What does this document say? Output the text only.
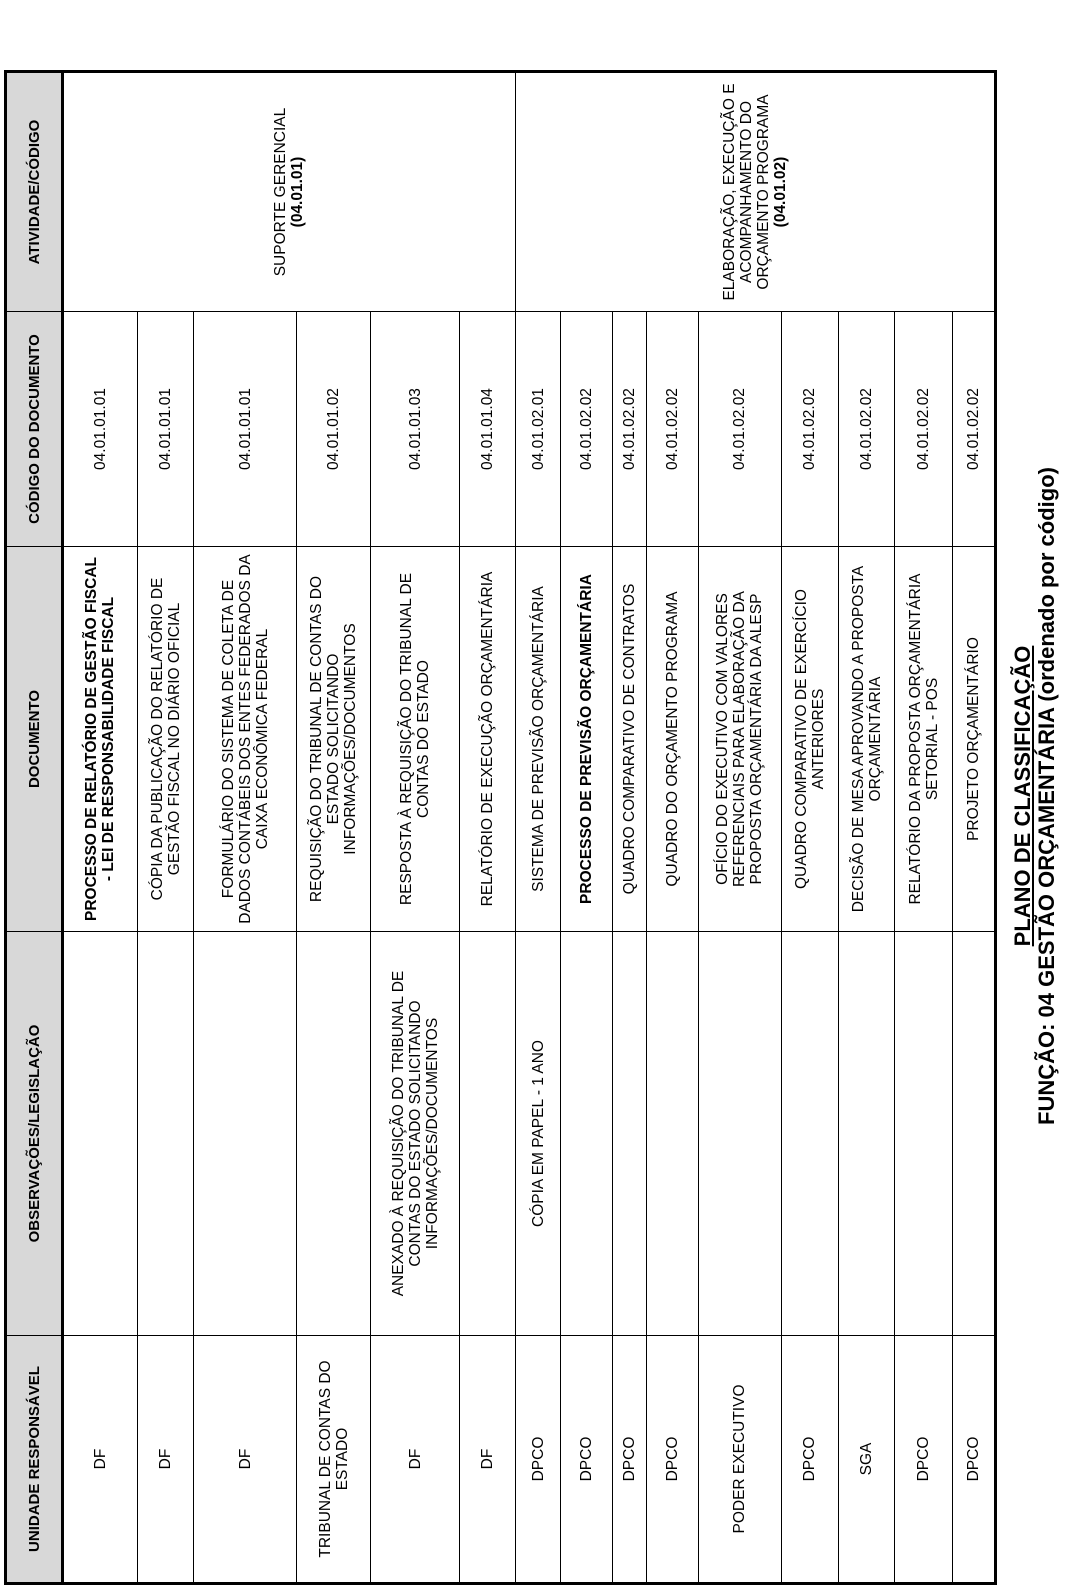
UNIDADE RESPONSÁVEL	OBSERVAÇÕES/LEGISLAÇÃO	DOCUMENTO	CÓDIGO DO DOCUMENTO	ATIVIDADE/CÓDIGO
DF		PROCESSO DE RELATÓRIO DE GESTÃO FISCAL - LEI DE RESPONSABILIDADE FISCAL	04.01.01.01	SUPORTE GERENCIAL
(04.01.01)
DF		CÓPIA DA PUBLICAÇÃO DO RELATÓRIO DE GESTÃO FISCAL NO DIÁRIO OFICIAL	04.01.01.01	
DF		FORMULÁRIO DO SISTEMA DE COLETA DE DADOS CONTÁBEIS DOS ENTES FEDERADOS DA CAIXA ECONÔMICA FEDERAL	04.01.01.01	
TRIBUNAL DE CONTAS DO ESTADO		REQUISIÇÃO DO TRIBUNAL DE CONTAS DO ESTADO SOLICITANDO INFORMAÇÕES/DOCUMENTOS	04.01.01.02	
DF	ANEXADO À REQUISIÇÃO DO TRIBUNAL DE CONTAS DO ESTADO SOLICITANDO INFORMAÇÕES/DOCUMENTOS	RESPOSTA À REQUISIÇÃO DO TRIBUNAL DE CONTAS DO ESTADO	04.01.01.03	
DF		RELATÓRIO DE EXECUÇÃO ORÇAMENTÁRIA	04.01.01.04	
DPCO	CÓPIA EM PAPEL - 1 ANO	SISTEMA DE PREVISÃO ORÇAMENTÁRIA	04.01.02.01	ELABORAÇÃO, EXECUÇÃO E ACOMPANHAMENTO DO ORÇAMENTO PROGRAMA
(04.01.02)
DPCO		PROCESSO DE PREVISÃO ORÇAMENTÁRIA	04.01.02.02	
DPCO		QUADRO COMPARATIVO DE CONTRATOS	04.01.02.02	
DPCO		QUADRO DO ORÇAMENTO PROGRAMA	04.01.02.02	
PODER EXECUTIVO		OFÍCIO DO EXECUTIVO COM VALORES REFERENCIAIS PARA ELABORAÇÃO DA PROPOSTA ORÇAMENTÁRIA DA ALESP	04.01.02.02	
DPCO		QUADRO COMPARATIVO DE EXERCÍCIO ANTERIORES	04.01.02.02	
SGA		DECISÃO DE MESA APROVANDO A PROPOSTA ORÇAMENTÁRIA	04.01.02.02	
DPCO		RELATÓRIO DA PROPOSTA ORÇAMENTÁRIA SETORIAL - POS	04.01.02.02	
DPCO		PROJETO ORÇAMENTÁRIO	04.01.02.02	
PLANO DE CLASSIFICAÇÃO FUNÇÃO: 04 GESTÃO ORÇAMENTÁRIA (ordenado por código)
